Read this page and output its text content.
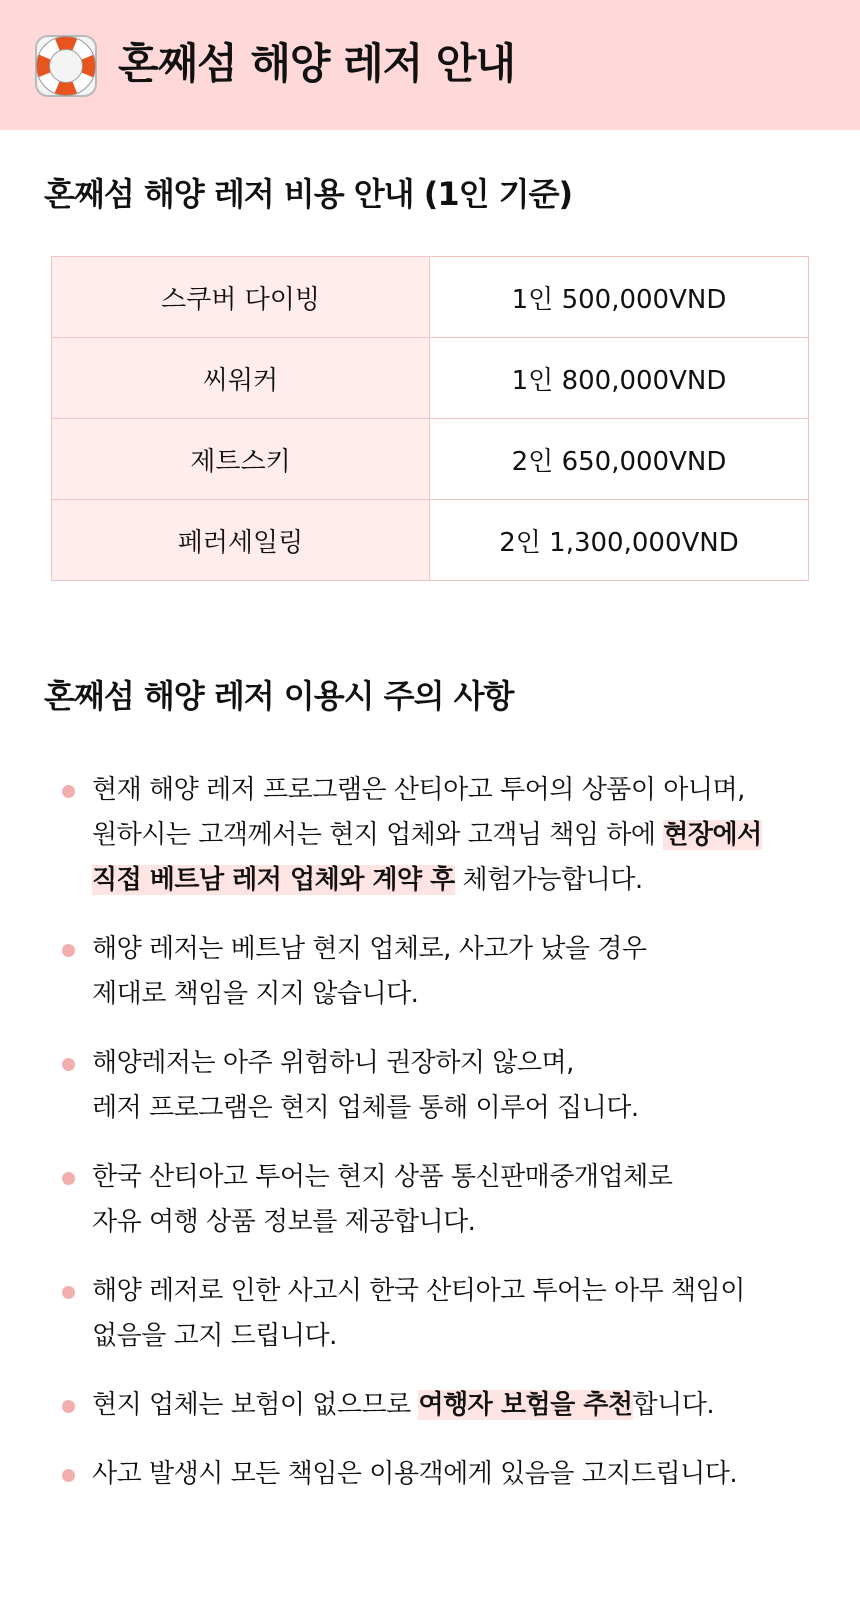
혼째섬 해양 레저 안내
혼째섬 해양 레저 비용 안내 (1인 기준)
스쿠버 다이빙	1인 500,000VND
씨워커	1인 800,000VND
제트스키	2인 650,000VND
페러세일링	2인 1,300,000VND
혼째섬 해양 레저 이용시 주의 사항
현재 해양 레저 프로그램은 산티아고 투어의 상품이 아니며,
원하시는 고객께서는 현지 업체와 고객님 책임 하에 현장에서
직접 베트남 레저 업체와 계약 후 체험가능합니다.
해양 레저는 베트남 현지 업체로, 사고가 났을 경우
제대로 책임을 지지 않습니다.
해양레저는 아주 위험하니 권장하지 않으며,
레저 프로그램은 현지 업체를 통해 이루어 집니다.
한국 산티아고 투어는 현지 상품 통신판매중개업체로
자유 여행 상품 정보를 제공합니다.
해양 레저로 인한 사고시 한국 산티아고 투어는 아무 책임이
없음을 고지 드립니다.
현지 업체는 보험이 없으므로 여행자 보험을 추천합니다.
사고 발생시 모든 책임은 이용객에게 있음을 고지드립니다.
